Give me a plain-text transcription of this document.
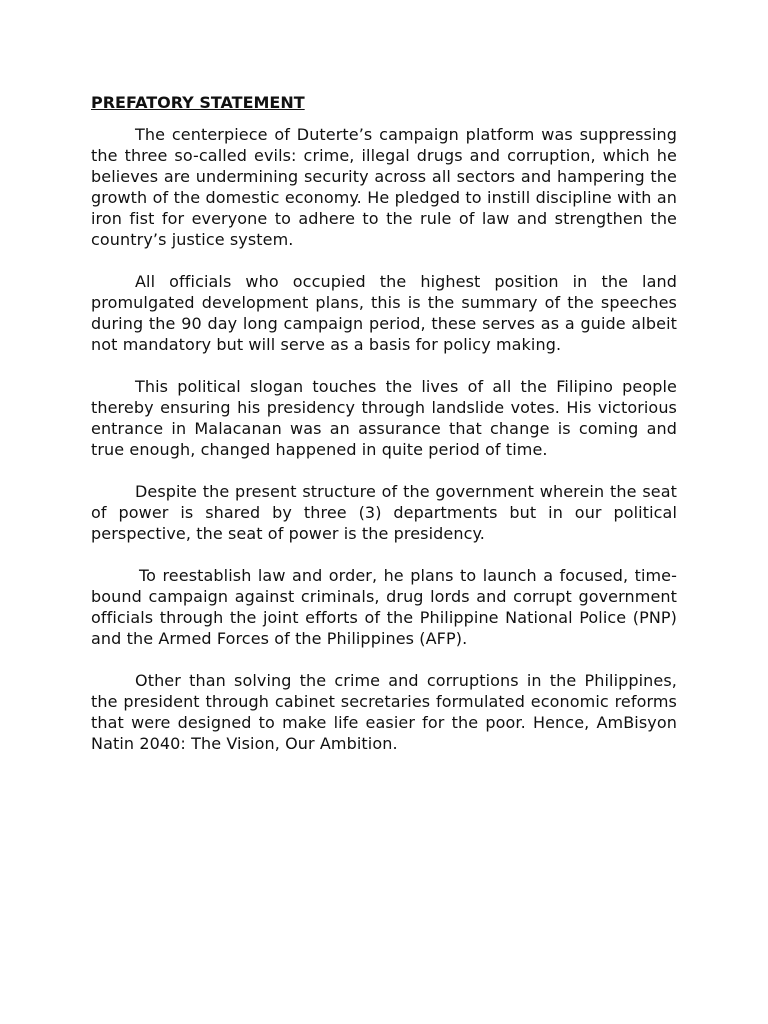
PREFATORY STATEMENT

The centerpiece of Duterte’s campaign platform was suppressing the three so-called evils: crime, illegal drugs and corruption, which he believes are undermining security across all sectors and hampering the growth of the domestic economy. He pledged to instill discipline with an iron fist for everyone to adhere to the rule of law and strengthen the country’s justice system.

All officials who occupied the highest position in the land promulgated development plans, this is the summary of the speeches during the 90 day long campaign period, these serves as a guide albeit not mandatory but will serve as a basis for policy making.

This political slogan touches the lives of all the Filipino people thereby ensuring his presidency through landslide votes. His victorious entrance in Malacanan was an assurance that change is coming and true enough, changed happened in quite period of time.

Despite the present structure of the government wherein the seat of power is shared by three (3) departments but in our political perspective, the seat of power is the presidency.

To reestablish law and order, he plans to launch a focused, time-bound campaign against criminals, drug lords and corrupt government officials through the joint efforts of the Philippine National Police (PNP) and the Armed Forces of the Philippines (AFP).

Other than solving the crime and corruptions in the Philippines, the president through cabinet secretaries formulated economic reforms that were designed to make life easier for the poor. Hence, AmBisyon Natin 2040: The Vision, Our Ambition.
